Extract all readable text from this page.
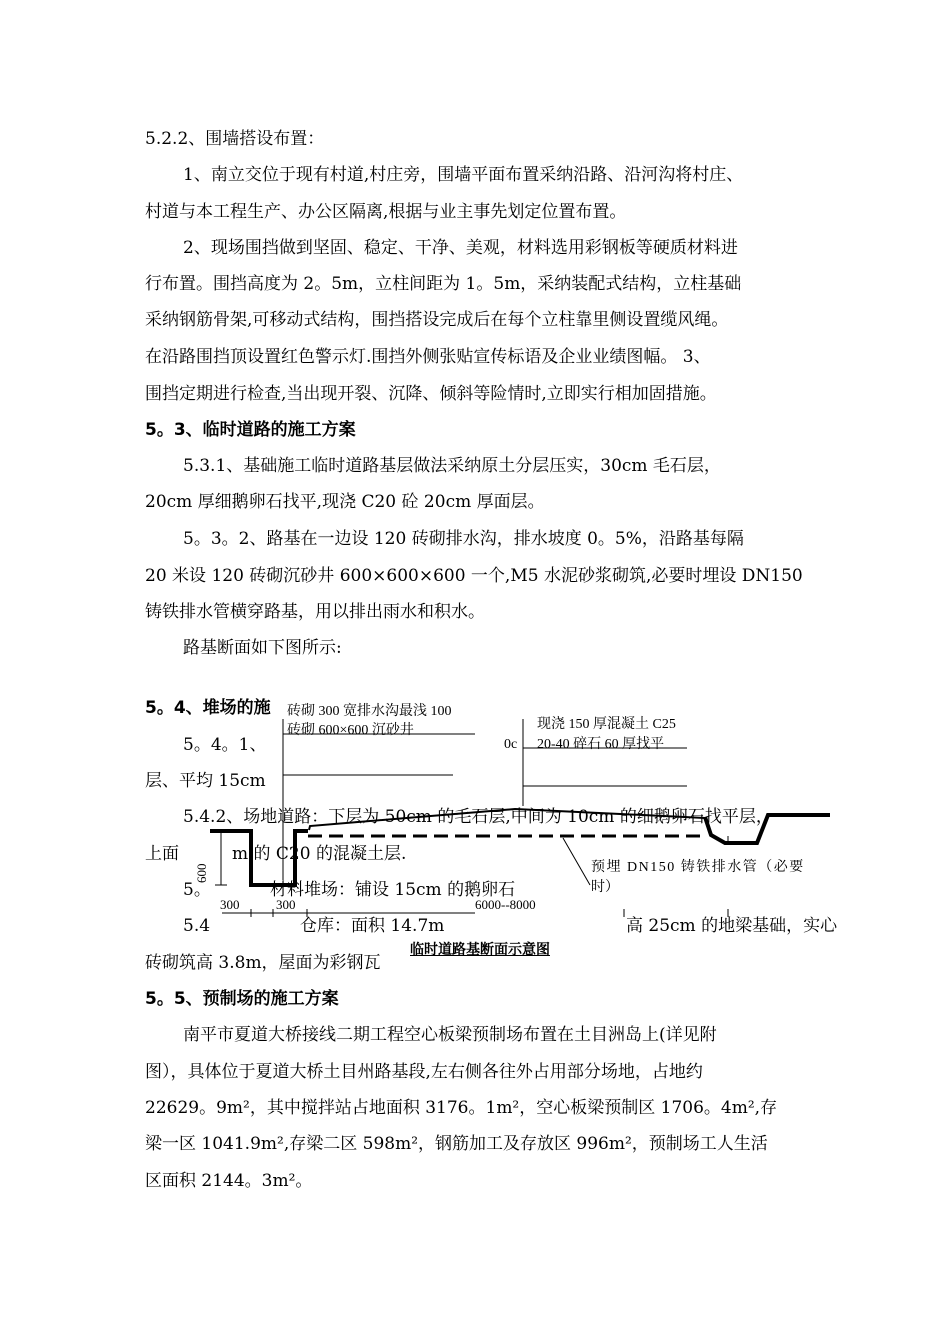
5.2.2、围墙搭设布置：
1、南立交位于现有村道,村庄旁，围墙平面布置采纳沿路、沿河沟将村庄、
村道与本工程生产、办公区隔离,根据与业主事先划定位置布置。
2、现场围挡做到坚固、稳定、干净、美观，材料选用彩钢板等硬质材料进
行布置。围挡高度为 2。5m，立柱间距为 1。5m，采纳装配式结构，立柱基础
采纳钢筋骨架,可移动式结构，围挡搭设完成后在每个立柱靠里侧设置缆风绳。
在沿路围挡顶设置红色警示灯.围挡外侧张贴宣传标语及企业业绩图幅。 3、
围挡定期进行检查,当出现开裂、沉降、倾斜等险情时,立即实行相加固措施。
5。3、临时道路的施工方案
5.3.1、基础施工临时道路基层做法采纳原土分层压实，30cm 毛石层，
20cm 厚细鹅卵石找平,现浇 C20 砼 20cm 厚面层。
5。3。2、路基在一边设 120 砖砌排水沟，排水坡度 0。5%，沿路基每隔
20 米设 120 砖砌沉砂井 600×600×600 一个,M5 水泥砂浆砌筑,必要时埋设 DN150
铸铁排水管横穿路基，用以排出雨水和积水。
路基断面如下图所示:
5。4、堆场的施
5。4。1、
层、平均 15cm
5.4.2、场地道路：下层为 50cm 的毛石层,中间为 10cm 的细鹅卵石找平层，
上面	m 的 C20 的混凝土层.
5。	材料堆场：铺设 15cm 的鹅卵石
5.4	仓库：面积 14.7m	高 25cm 的地梁基础，实心
砖砌筑高 3.8m，屋面为彩钢瓦
5。5、预制场的施工方案
南平市夏道大桥接线二期工程空心板梁预制场布置在土目洲岛上(详见附
图），具体位于夏道大桥土目州路基段,左右侧各往外占用部分场地，占地约
22629。9m²，其中搅拌站占地面积 3176。1m²，空心板梁预制区 1706。4m²,存
梁一区 1041.9m²,存梁二区 598m²，钢筋加工及存放区 996m²，预制场工人生活
区面积 2144。3m²。
砖砌 300 宽排水沟最浅 100
砖砌 600×600 沉砂井
0c
现浇 150 厚混凝土 C25
20-40 碎石 60 厚找平
预埋 DN150 铸铁排水管（必要
时）
600
300	300	6000--8000
临时道路基断面示意图
